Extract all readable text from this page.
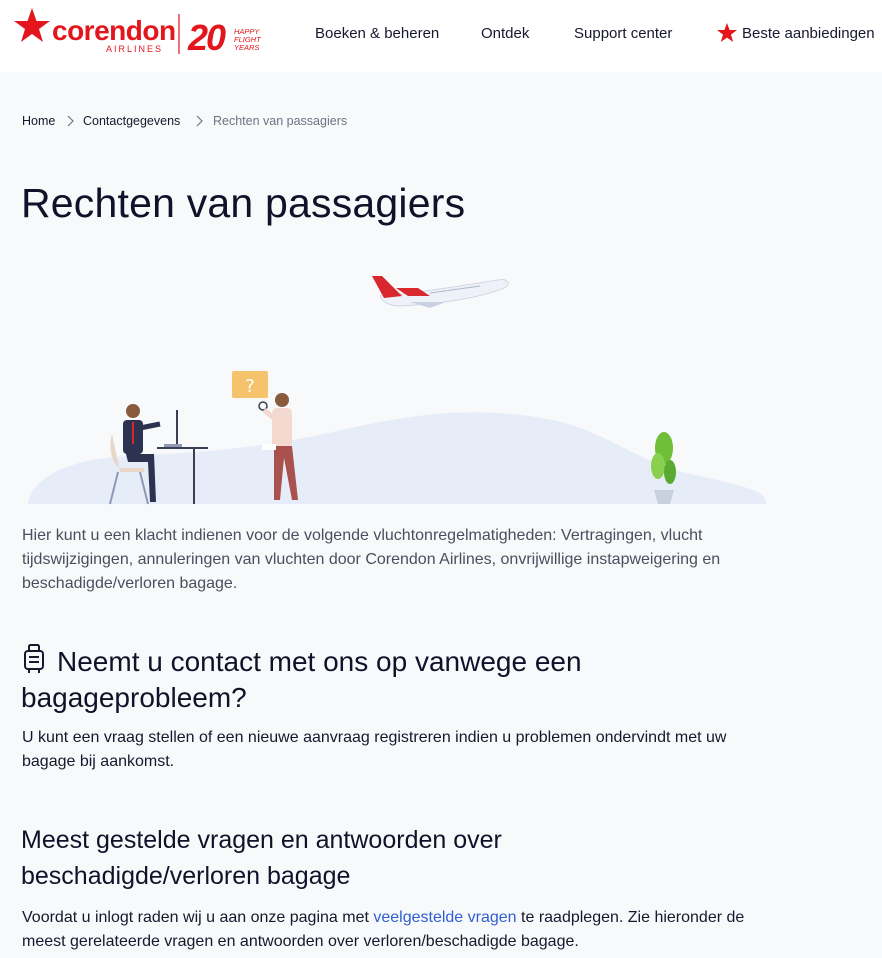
corendon
AIRLINES 20 HAPPY
FLIGHT
YEARS
Boeken & beheren	Ontdek	Support center	Beste aanbiedingen
Home Contactgegevens	Rechten van passagiers
Rechten van passagiers
?

Hier kunt u een klacht indienen voor de volgende vluchtonregelmatigheden: Vertragingen, vlucht tijdswijzigingen, annuleringen van vluchten door Corendon Airlines, onvrijwillige instapweigering en beschadigde/verloren bagage.

Neemt u contact met ons op vanwege een bagageprobleem?

U kunt een vraag stellen of een nieuwe aanvraag registreren indien u problemen ondervindt met uw bagage bij aankomst.

Meest gestelde vragen en antwoorden over beschadigde/verloren bagage

Voordat u inlogt raden wij u aan onze pagina met veelgestelde vragen te raadplegen. Zie hieronder de meest gerelateerde vragen en antwoorden over verloren/beschadigde bagage.
